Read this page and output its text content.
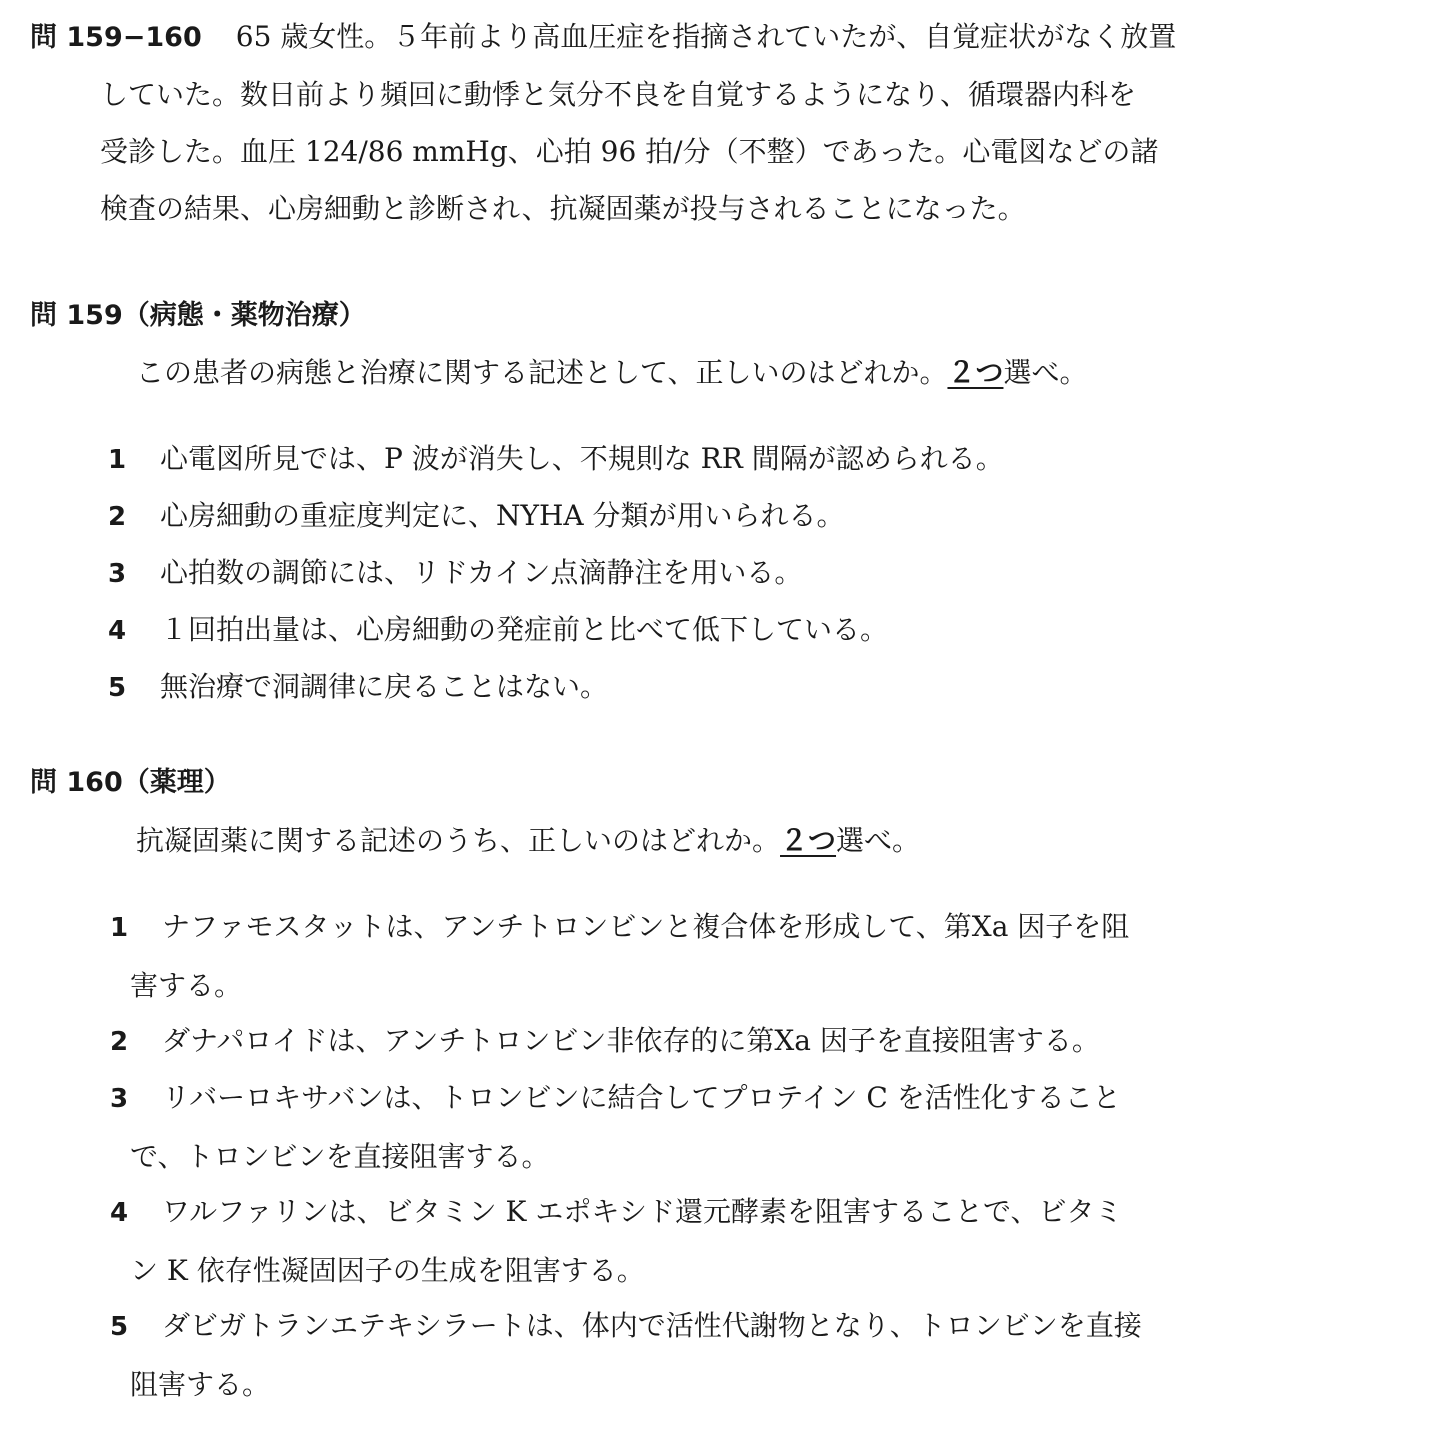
問 159−160 65 歳女性。５年前より高血圧症を指摘されていたが、自覚症状がなく放置
していた。数日前より頻回に動悸と気分不良を自覚するようになり、循環器内科を
受診した。血圧 124/86 mmHg、心拍 96 拍/分（不整）であった。心電図などの諸
検査の結果、心房細動と診断され、抗凝固薬が投与されることになった。
問 159（病態・薬物治療）
この患者の病態と治療に関する記述として、正しいのはどれか。２つ選べ。
1 心電図所見では、P 波が消失し、不規則な RR 間隔が認められる。
2 心房細動の重症度判定に、NYHA 分類が用いられる。
3 心拍数の調節には、リドカイン点滴静注を用いる。
4 １回拍出量は、心房細動の発症前と比べて低下している。
5 無治療で洞調律に戻ることはない。
問 160（薬理）
抗凝固薬に関する記述のうち、正しいのはどれか。２つ選べ。
1 ナファモスタットは、アンチトロンビンと複合体を形成して、第Ⅹa 因子を阻
害する。
2 ダナパロイドは、アンチトロンビン非依存的に第Ⅹa 因子を直接阻害する。
3 リバーロキサバンは、トロンビンに結合してプロテイン C を活性化すること
で、トロンビンを直接阻害する。
4 ワルファリンは、ビタミン K エポキシド還元酵素を阻害することで、ビタミ
ン K 依存性凝固因子の生成を阻害する。
5 ダビガトランエテキシラートは、体内で活性代謝物となり、トロンビンを直接
阻害する。
